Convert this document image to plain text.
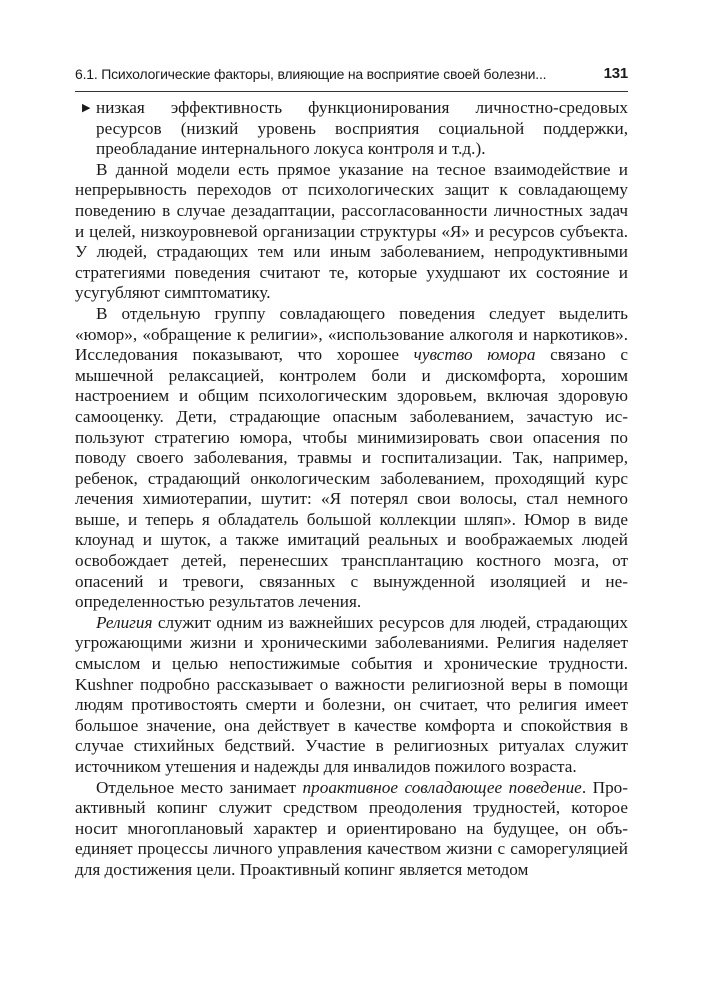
6.1. Психологические факторы, влияющие на восприятие своей болезни...	131

▶ низкая эффективность функционирования личностно-средовых ресурсов (низкий уровень восприятия социальной поддержки, преобладание интернального локуса контроля и т.д.).

В данной модели есть прямое указание на тесное взаимодействие и непрерывность переходов от психологических защит к совладающему поведению в случае дезадаптации, рассогласованности личностных задач и целей, низкоуровневой организации структуры «Я» и ресурсов субъекта. У людей, страдающих тем или иным заболеванием, непродуктивными стратегиями поведения считают те, которые ухудшают их состояние и усугубляют симптоматику.

В отдельную группу совладающего поведения следует выделить «юмор», «обращение к религии», «использование алкоголя и наркотиков». Исследования показывают, что хорошее чувство юмора связано с мышечной релаксацией, контролем боли и дискомфорта, хорошим настроением и общим психологическим здоровьем, включая здоровую самооценку. Дети, страдающие опасным заболеванием, зачастую используют стратегию юмора, чтобы минимизировать свои опасения по поводу своего заболевания, травмы и госпитализации. Так, например, ребенок, страдающий онкологическим заболеванием, проходящий курс лечения химиотерапии, шутит: «Я потерял свои волосы, стал немного выше, и теперь я обладатель большой коллекции шляп». Юмор в виде клоунад и шуток, а также имитаций реальных и воображаемых людей освобождает детей, перенесших трансплантацию костного мозга, от опасений и тревоги, связанных с вынужденной изоляцией и неопределенностью результатов лечения.

Религия служит одним из важнейших ресурсов для людей, страдающих угрожающими жизни и хроническими заболеваниями. Религия наделяет смыслом и целью непостижимые события и хронические трудности. Kushner подробно рассказывает о важности религиозной веры в помощи людям противостоять смерти и болезни, он считает, что религия имеет большое значение, она действует в качестве комфорта и спокойствия в случае стихийных бедствий. Участие в религиозных ритуалах служит источником утешения и надежды для инвалидов пожилого возраста.

Отдельное место занимает проактивное совладающее поведение. Проактивный копинг служит средством преодоления трудностей, которое носит многоплановый характер и ориентировано на будущее, он объединяет процессы личного управления качеством жизни с саморегуляцией для достижения цели. Проактивный копинг является методом
